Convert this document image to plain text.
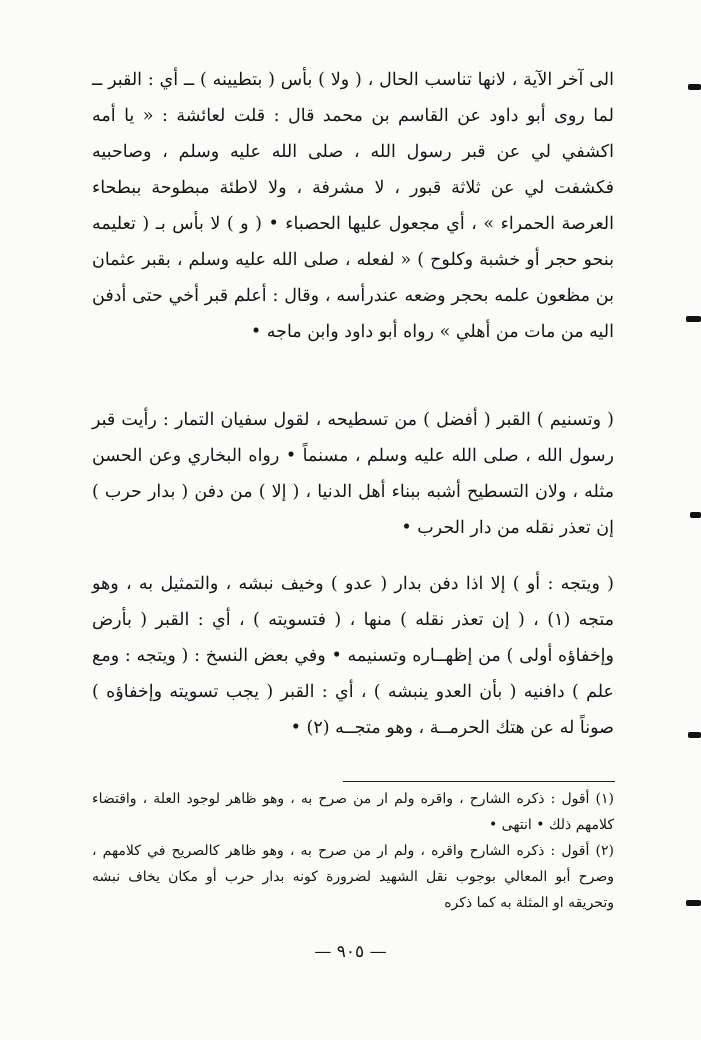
الى آخر الآية ، لانها تناسب الحال ، ( ولا ) بأس ( بتطيينه ) ــ أي : القبر ــ لما روى أبو داود عن القاسم بن محمد قال : قلت لعائشة : « يا أمه اكشفي لي عن قبر رسول الله ، صلى الله عليه وسلم ، وصاحبيه فكشفت لي عن ثلاثة قبور ، لا مشرفة ، ولا لاطئة مبطوحة ببطحاء العرصة الحمراء » ، أي مجعول عليها الحصباء • ( و ) لا بأس بـ ( تعليمه بنحو حجر أو خشبة وكلوح ) « لفعله ، صلى الله عليه وسلم ، بقبر عثمان بن مظعون علمه بحجر وضعه عندرأسه ، وقال : أعلم قبر أخي حتى أدفن اليه من مات من أهلي » رواه أبو داود وابن ماجه •

( وتسنيم ) القبر ( أفضل ) من تسطيحه ، لقول سفيان التمار : رأيت قبر رسول الله ، صلى الله عليه وسلم ، مسنماً • رواه البخاري وعن الحسن مثله ، ولان التسطيح أشبه ببناء أهل الدنيا ، ( إلا ) من دفن ( بدار حرب ) إن تعذر نقله من دار الحرب •

( ويتجه : أو ) إلا اذا دفن بدار ( عدو ) وخيف نبشه ، والتمثيل به ، وهو متجه (١) ، ( إن تعذر نقله ) منها ، ( فتسويته ) ، أي : القبر ( بأرض وإخفاؤه أولى ) من إظهــاره وتسنيمه • وفي بعض النسخ : ( ويتجه : ومع علم ) دافنيه ( بأن العدو ينبشه ) ، أي : القبر ( يجب تسويته وإخفاؤه ) صوناً له عن هتك الحرمــة ، وهو متجــه (٢) •

(١) أقول : ذكره الشارح ، واقره ولم ار من صرح به ، وهو ظاهر لوجود العلة ، واقتضاء كلامهم ذلك • انتهى •

(٢) أقول : ذكره الشارح واقره ، ولم ار من صرح به ، وهو ظاهر كالصريح في كلامهم ، وصرح أبو المعالي بوجوب نقل الشهيد لضرورة كونه بدار حرب أو مكان يخاف نبشه وتحريقه او المثلة به كما ذكره

— ٩٠٥ —
